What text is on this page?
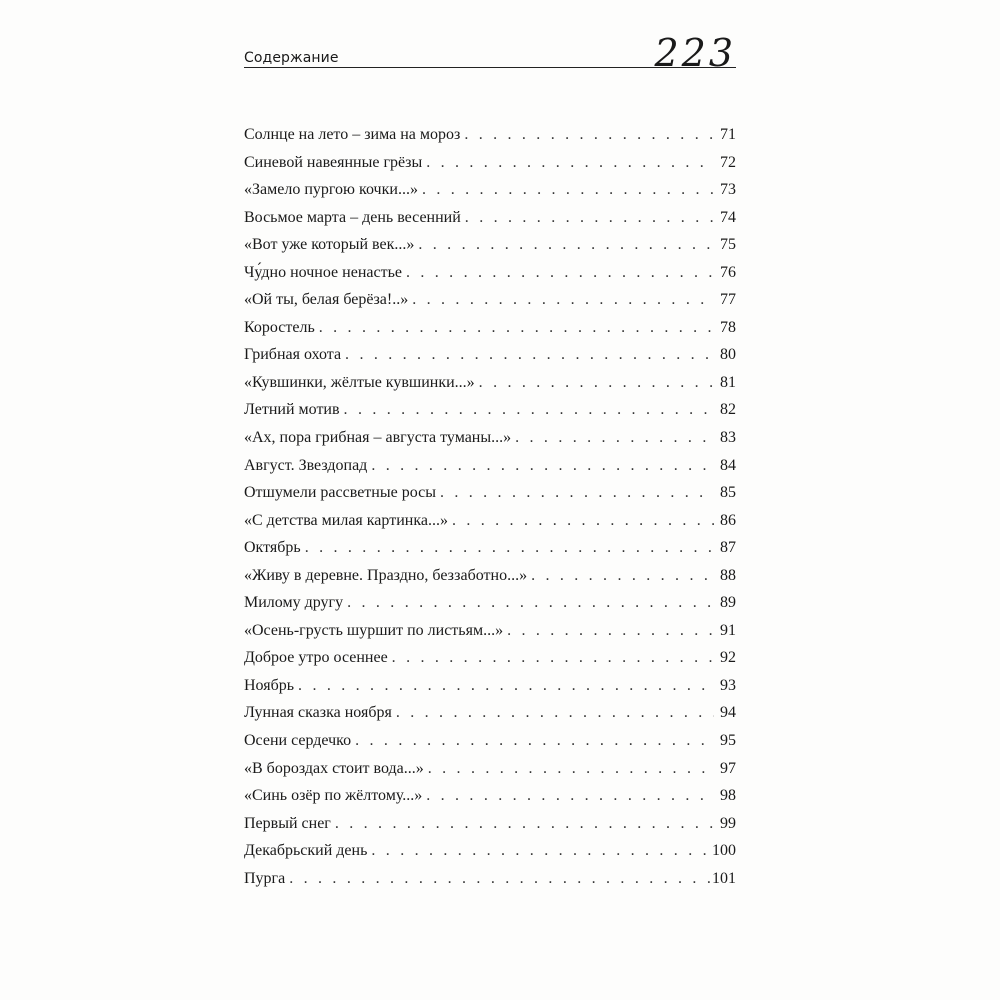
Содержание	223
Солнце на лето – зима на мороз . . .	71
Синевой навеянные грёзы . . .	72
«Замело пургою кочки...» . . .	73
Восьмое марта – день весенний . . .	74
«Вот уже который век...» . . .	75
Чу́дно ночное ненастье . . .	76
«Ой ты, белая берёза!..» . . .	77
Коростель . . .	78
Грибная охота . . .	80
«Кувшинки, жёлтые кувшинки...» . . .	81
Летний мотив . . .	82
«Ах, пора грибная – августа туманы...» . . .	83
Август. Звездопад . . .	84
Отшумели рассветные росы . . .	85
«С детства милая картинка...» . . .	86
Октябрь . . .	87
«Живу в деревне. Праздно, беззаботно...» . . .	88
Милому другу . . .	89
«Осень-грусть шуршит по листьям...» . . .	91
Доброе утро осеннее . . .	92
Ноябрь . . .	93
Лунная сказка ноября . . .	94
Осени сердечко . . .	95
«В бороздах стоит вода...» . . .	97
«Синь озёр по жёлтому...» . . .	98
Первый снег . . .	99
Декабрьский день . . .	100
Пурга . . .	101
